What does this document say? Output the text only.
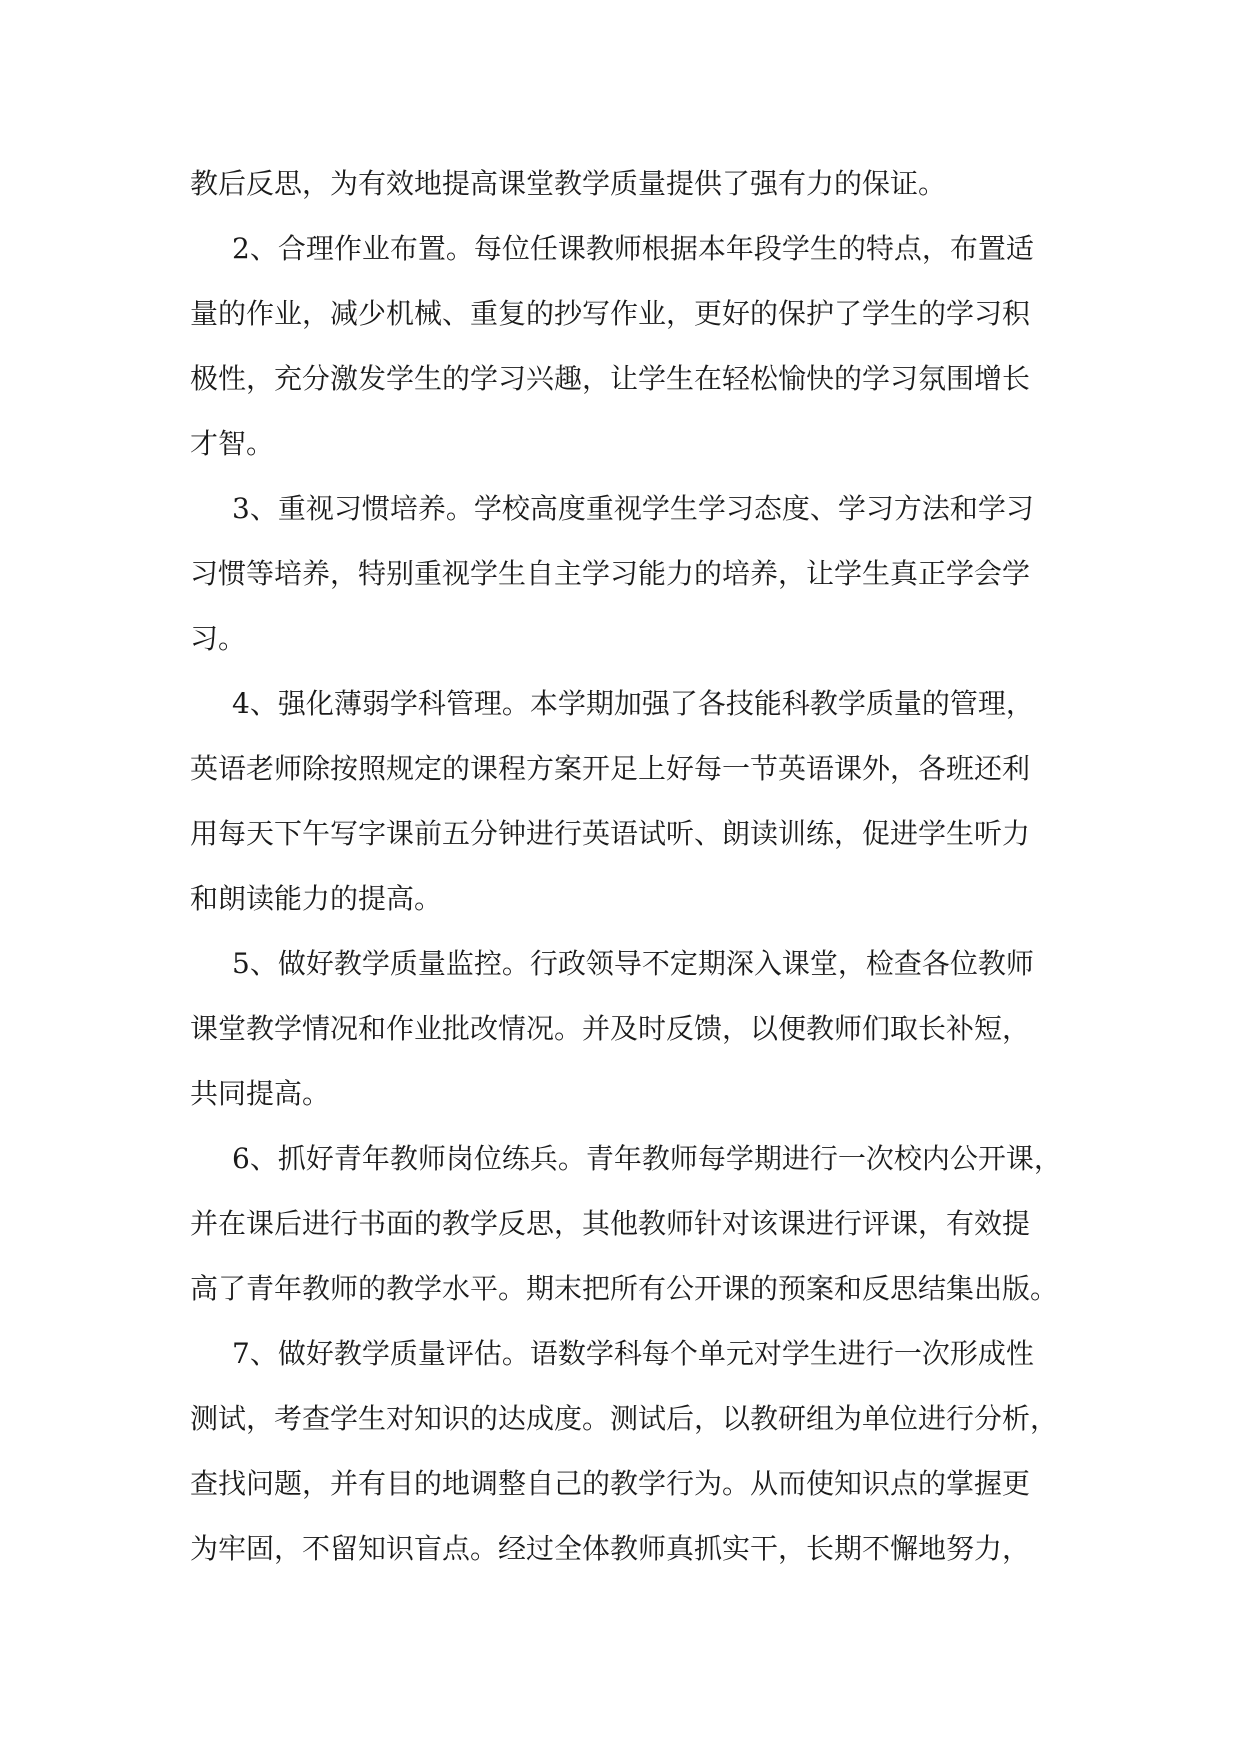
教后反思，为有效地提高课堂教学质量提供了强有力的保证。
2、合理作业布置。每位任课教师根据本年段学生的特点，布置适
量的作业，减少机械、重复的抄写作业，更好的保护了学生的学习积
极性，充分激发学生的学习兴趣，让学生在轻松愉快的学习氛围增长
才智。
3、重视习惯培养。学校高度重视学生学习态度、学习方法和学习
习惯等培养，特别重视学生自主学习能力的培养，让学生真正学会学
习。
4、强化薄弱学科管理。本学期加强了各技能科教学质量的管理，
英语老师除按照规定的课程方案开足上好每一节英语课外，各班还利
用每天下午写字课前五分钟进行英语试听、朗读训练，促进学生听力
和朗读能力的提高。
5、做好教学质量监控。行政领导不定期深入课堂，检查各位教师
课堂教学情况和作业批改情况。并及时反馈，以便教师们取长补短，
共同提高。
6、抓好青年教师岗位练兵。青年教师每学期进行一次校内公开课，
并在课后进行书面的教学反思，其他教师针对该课进行评课，有效提
高了青年教师的教学水平。期末把所有公开课的预案和反思结集出版。
7、做好教学质量评估。语数学科每个单元对学生进行一次形成性
测试，考查学生对知识的达成度。测试后，以教研组为单位进行分析，
查找问题，并有目的地调整自己的教学行为。从而使知识点的掌握更
为牢固，不留知识盲点。经过全体教师真抓实干，长期不懈地努力，
